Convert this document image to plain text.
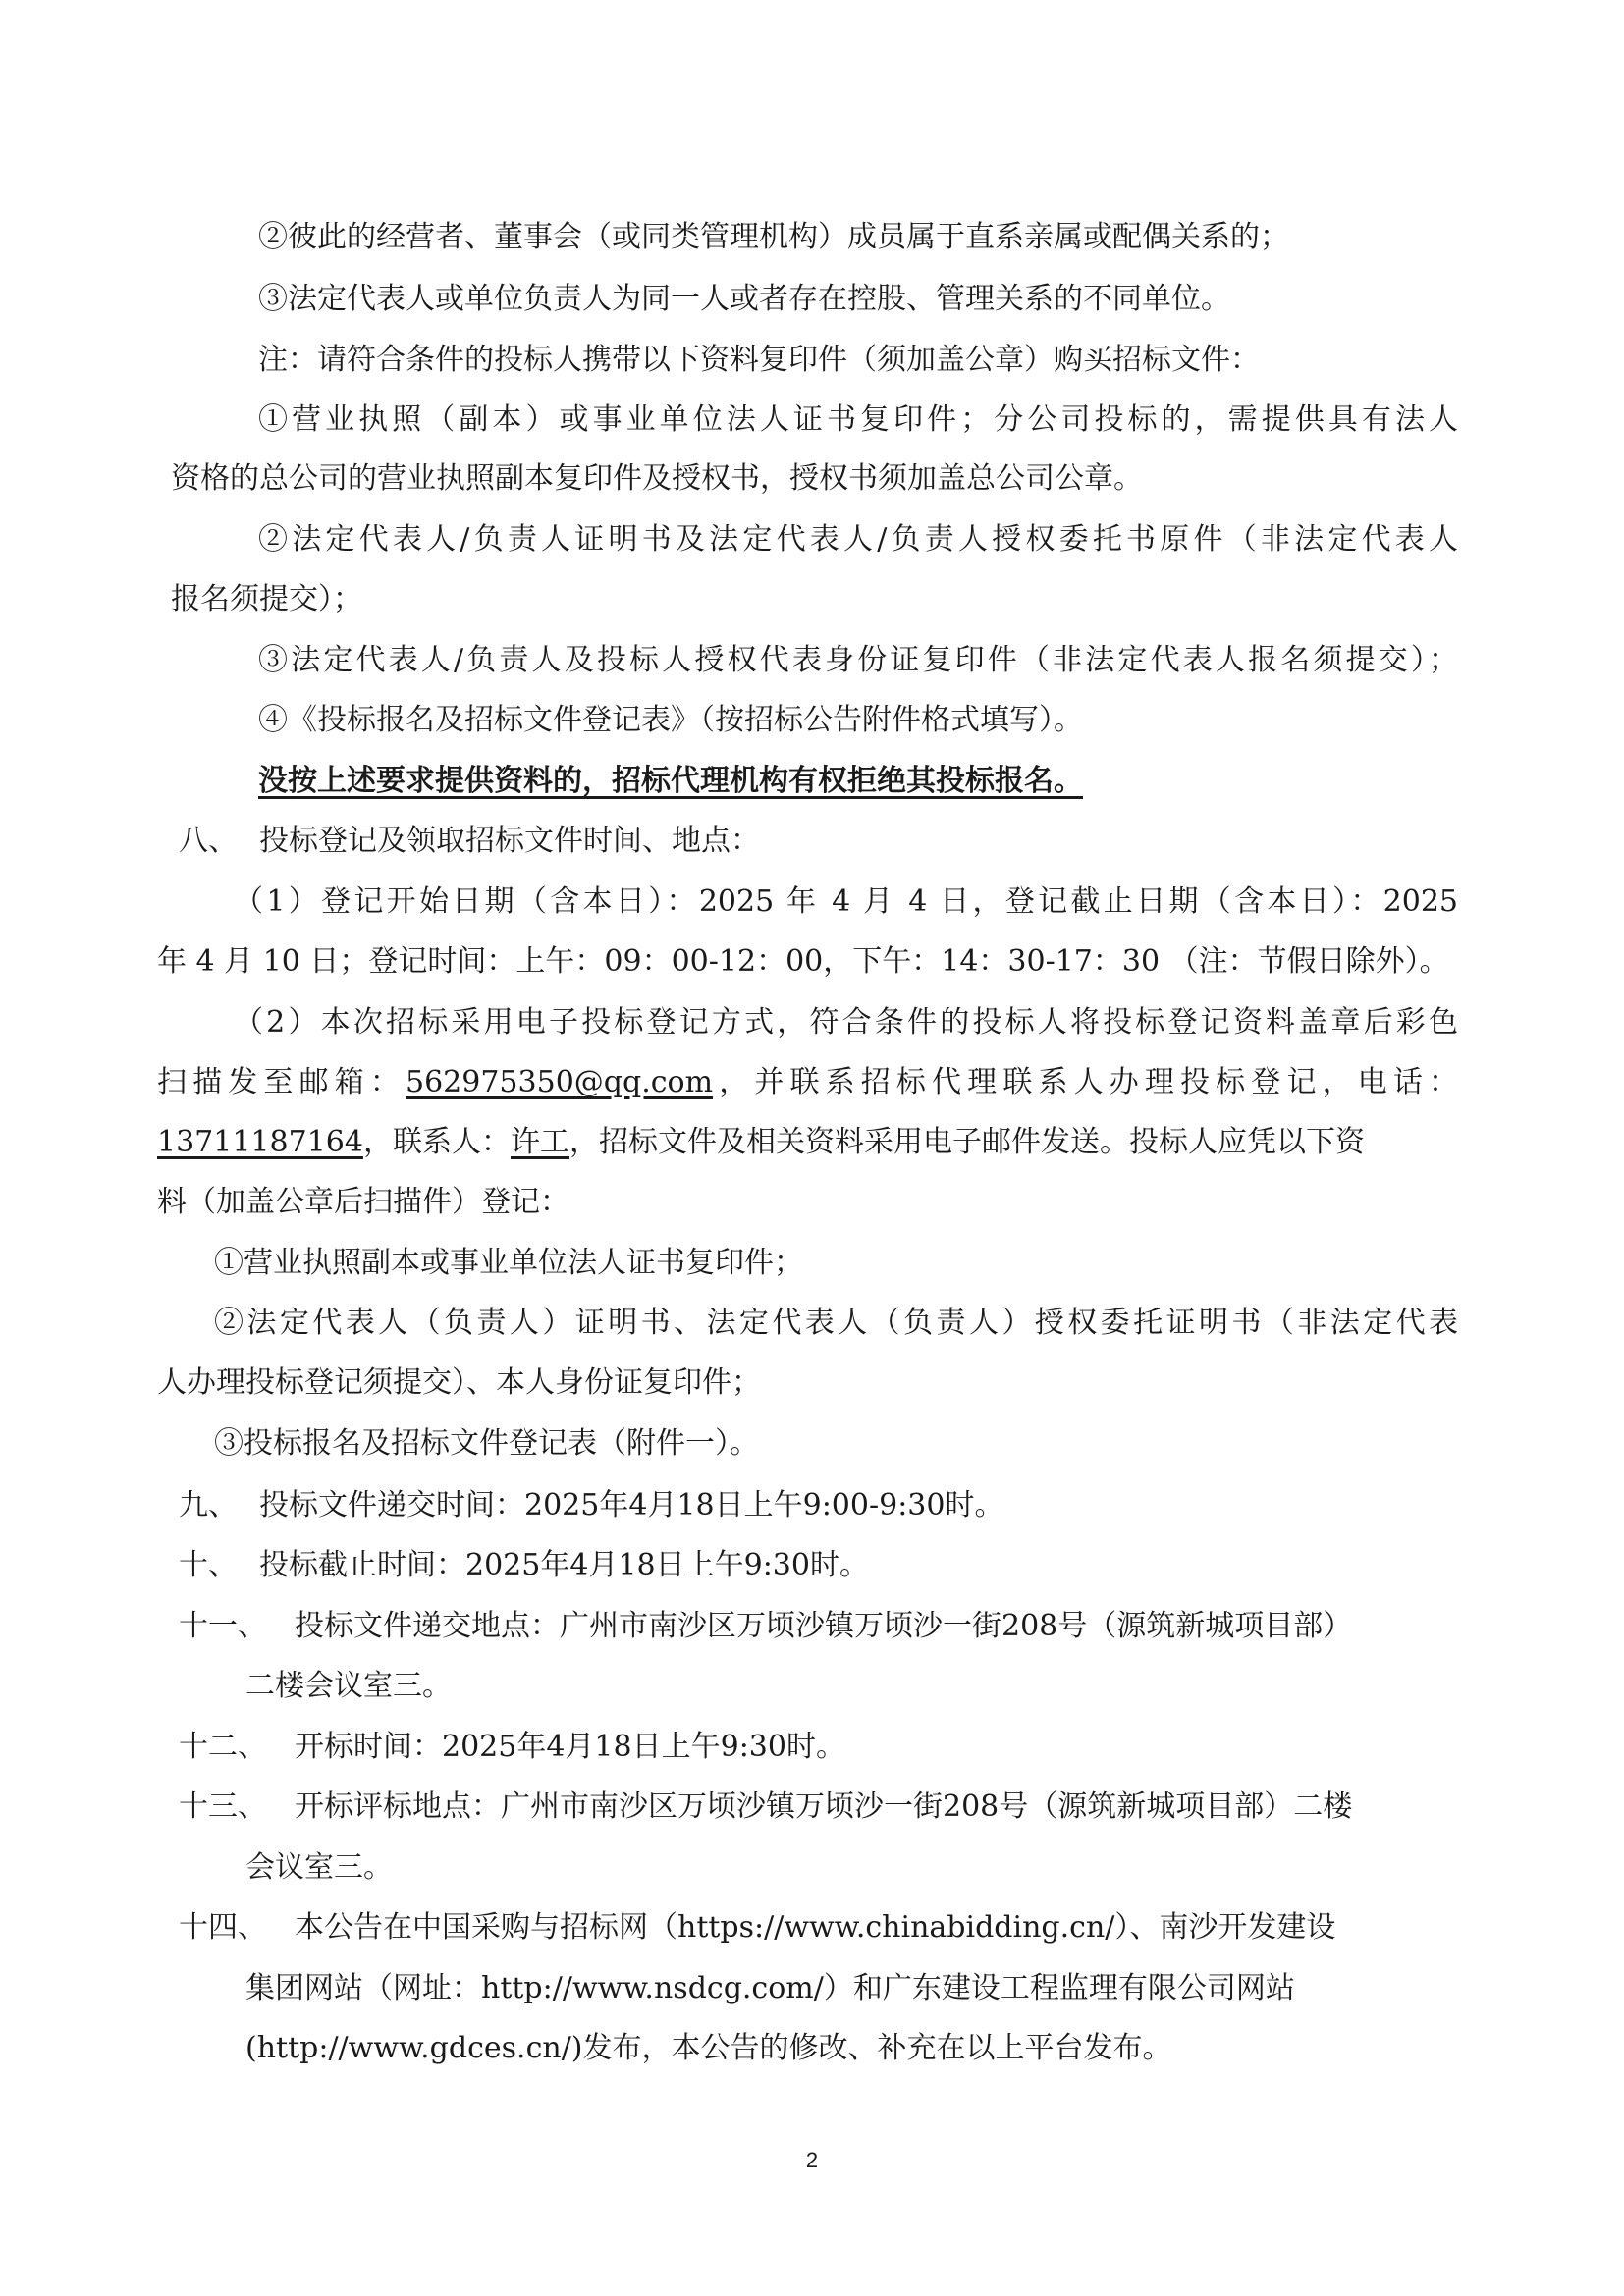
②彼此的经营者、董事会（或同类管理机构）成员属于直系亲属或配偶关系的；
③法定代表人或单位负责人为同一人或者存在控股、管理关系的不同单位。
注：请符合条件的投标人携带以下资料复印件（须加盖公章）购买招标文件：
①营业执照（副本）或事业单位法人证书复印件；分公司投标的，需提供具有法人
资格的总公司的营业执照副本复印件及授权书，授权书须加盖总公司公章。
②法定代表人/负责人证明书及法定代表人/负责人授权委托书原件（非法定代表人
报名须提交）；
③法定代表人/负责人及投标人授权代表身份证复印件（非法定代表人报名须提交）；
④《投标报名及招标文件登记表》（按招标公告附件格式填写）。
没按上述要求提供资料的，招标代理机构有权拒绝其投标报名。
八、 投标登记及领取招标文件时间、地点：
（1）登记开始日期（含本日）：2025 年 4 月 4 日，登记截止日期（含本日）：2025
年 4 月 10 日；登记时间：上午：09：00-12：00，下午：14：30-17：30 （注：节假日除外）。
（2）本次招标采用电子投标登记方式，符合条件的投标人将投标登记资料盖章后彩色
扫描发至邮箱：562975350@qq.com，并联系招标代理联系人办理投标登记，电话：
13711187164，联系人：许工，招标文件及相关资料采用电子邮件发送。投标人应凭以下资
料（加盖公章后扫描件）登记：
①营业执照副本或事业单位法人证书复印件；
②法定代表人（负责人）证明书、法定代表人（负责人）授权委托证明书（非法定代表
人办理投标登记须提交）、本人身份证复印件；
③投标报名及招标文件登记表（附件一）。
九、 投标文件递交时间：2025年4月18日上午9:00-9:30时。
十、 投标截止时间：2025年4月18日上午9:30时。
十一、 投标文件递交地点：广州市南沙区万顷沙镇万顷沙一街208号（源筑新城项目部）
二楼会议室三。
十二、 开标时间：2025年4月18日上午9:30时。
十三、 开标评标地点：广州市南沙区万顷沙镇万顷沙一街208号（源筑新城项目部）二楼
会议室三。
十四、 本公告在中国采购与招标网（https://www.chinabidding.cn/）、南沙开发建设
集团网站（网址：http://www.nsdcg.com/）和广东建设工程监理有限公司网站
(http://www.gdces.cn/)发布，本公告的修改、补充在以上平台发布。
2
